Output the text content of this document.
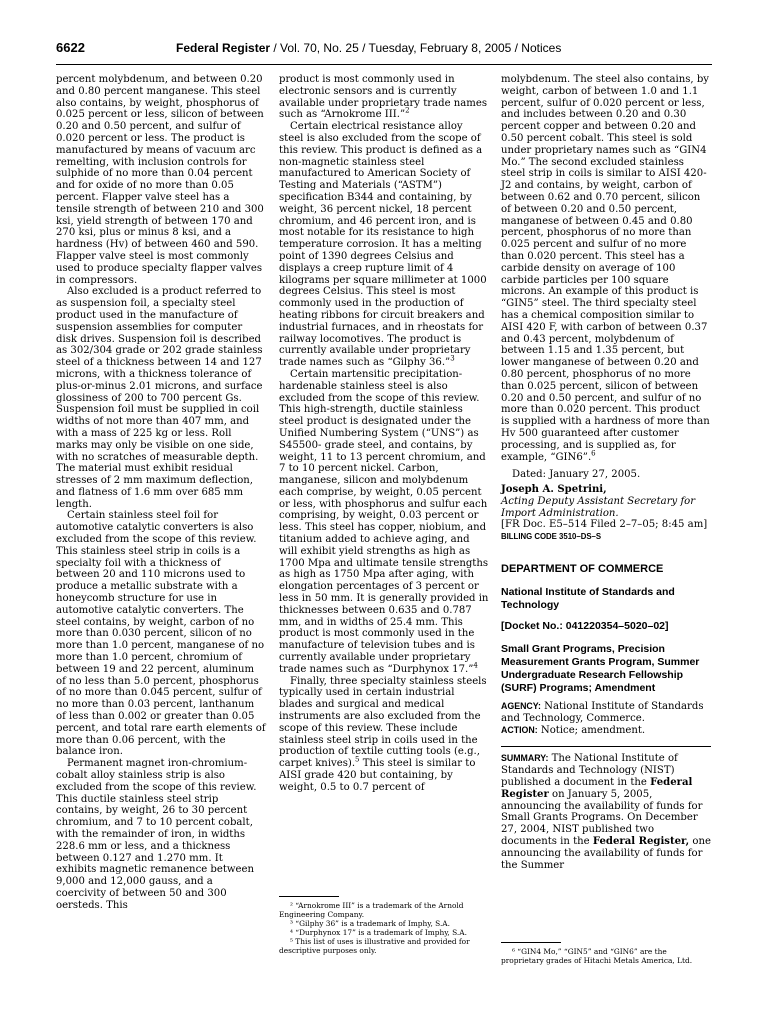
6622	Federal Register / Vol. 70, No. 25 / Tuesday, February 8, 2005 / Notices

percent molybdenum, and between 0.20 and 0.80 percent manganese. This steel also contains, by weight, phosphorus of 0.025 percent or less, silicon of between 0.20 and 0.50 percent, and sulfur of 0.020 percent or less. The product is manufactured by means of vacuum arc remelting, with inclusion controls for sulphide of no more than 0.04 percent and for oxide of no more than 0.05 percent. Flapper valve steel has a tensile strength of between 210 and 300 ksi, yield strength of between 170 and 270 ksi, plus or minus 8 ksi, and a hardness (Hv) of between 460 and 590. Flapper valve steel is most commonly used to produce specialty flapper valves in compressors.

Also excluded is a product referred to as suspension foil, a specialty steel product used in the manufacture of suspension assemblies for computer disk drives. Suspension foil is described as 302/304 grade or 202 grade stainless steel of a thickness between 14 and 127 microns, with a thickness tolerance of plus-or-minus 2.01 microns, and surface glossiness of 200 to 700 percent Gs. Suspension foil must be supplied in coil widths of not more than 407 mm, and with a mass of 225 kg or less. Roll marks may only be visible on one side, with no scratches of measurable depth. The material must exhibit residual stresses of 2 mm maximum deflection, and flatness of 1.6 mm over 685 mm length.

Certain stainless steel foil for automotive catalytic converters is also excluded from the scope of this review. This stainless steel strip in coils is a specialty foil with a thickness of between 20 and 110 microns used to produce a metallic substrate with a honeycomb structure for use in automotive catalytic converters. The steel contains, by weight, carbon of no more than 0.030 percent, silicon of no more than 1.0 percent, manganese of no more than 1.0 percent, chromium of between 19 and 22 percent, aluminum of no less than 5.0 percent, phosphorus of no more than 0.045 percent, sulfur of no more than 0.03 percent, lanthanum of less than 0.002 or greater than 0.05 percent, and total rare earth elements of more than 0.06 percent, with the balance iron.

Permanent magnet iron-chromium-cobalt alloy stainless strip is also excluded from the scope of this review. This ductile stainless steel strip contains, by weight, 26 to 30 percent chromium, and 7 to 10 percent cobalt, with the remainder of iron, in widths 228.6 mm or less, and a thickness between 0.127 and 1.270 mm. It exhibits magnetic remanence between 9,000 and 12,000 gauss, and a coercivity of between 50 and 300 oersteds. This

product is most commonly used in electronic sensors and is currently available under proprietary trade names such as “Arnokrome III.”$^2$

Certain electrical resistance alloy steel is also excluded from the scope of this review. This product is defined as a non-magnetic stainless steel manufactured to American Society of Testing and Materials (“ASTM”) specification B344 and containing, by weight, 36 percent nickel, 18 percent chromium, and 46 percent iron, and is most notable for its resistance to high temperature corrosion. It has a melting point of 1390 degrees Celsius and displays a creep rupture limit of 4 kilograms per square millimeter at 1000 degrees Celsius. This steel is most commonly used in the production of heating ribbons for circuit breakers and industrial furnaces, and in rheostats for railway locomotives. The product is currently available under proprietary trade names such as “Gilphy 36.”$^3$

Certain martensitic precipitation-hardenable stainless steel is also excluded from the scope of this review. This high-strength, ductile stainless steel product is designated under the Unified Numbering System (“UNS”) as S45500- grade steel, and contains, by weight, 11 to 13 percent chromium, and 7 to 10 percent nickel. Carbon, manganese, silicon and molybdenum each comprise, by weight, 0.05 percent or less, with phosphorus and sulfur each comprising, by weight, 0.03 percent or less. This steel has copper, niobium, and titanium added to achieve aging, and will exhibit yield strengths as high as 1700 Mpa and ultimate tensile strengths as high as 1750 Mpa after aging, with elongation percentages of 3 percent or less in 50 mm. It is generally provided in thicknesses between 0.635 and 0.787 mm, and in widths of 25.4 mm. This product is most commonly used in the manufacture of television tubes and is currently available under proprietary trade names such as “Durphynox 17.”$^4$

Finally, three specialty stainless steels typically used in certain industrial blades and surgical and medical instruments are also excluded from the scope of this review. These include stainless steel strip in coils used in the production of textile cutting tools (e.g., carpet knives).$^5$ This steel is similar to AISI grade 420 but containing, by weight, 0.5 to 0.7 percent of

² “Arnokrome III” is a trademark of the Arnold Engineering Company.

³ “Gilphy 36” is a trademark of Imphy, S.A.

⁴ “Durphynox 17” is a trademark of Imphy, S.A.

⁵ This list of uses is illustrative and provided for descriptive purposes only.

molybdenum. The steel also contains, by weight, carbon of between 1.0 and 1.1 percent, sulfur of 0.020 percent or less, and includes between 0.20 and 0.30 percent copper and between 0.20 and 0.50 percent cobalt. This steel is sold under proprietary names such as “GIN4 Mo.” The second excluded stainless steel strip in coils is similar to AISI 420-J2 and contains, by weight, carbon of between 0.62 and 0.70 percent, silicon of between 0.20 and 0.50 percent, manganese of between 0.45 and 0.80 percent, phosphorus of no more than 0.025 percent and sulfur of no more than 0.020 percent. This steel has a carbide density on average of 100 carbide particles per 100 square microns. An example of this product is “GIN5” steel. The third specialty steel has a chemical composition similar to AISI 420 F, with carbon of between 0.37 and 0.43 percent, molybdenum of between 1.15 and 1.35 percent, but lower manganese of between 0.20 and 0.80 percent, phosphorus of no more than 0.025 percent, silicon of between 0.20 and 0.50 percent, and sulfur of no more than 0.020 percent. This product is supplied with a hardness of more than Hv 500 guaranteed after customer processing, and is supplied as, for example, “GIN6”.$^6$

Dated: January 27, 2005.

Joseph A. Spetrini,

Acting Deputy Assistant Secretary for Import Administration.

[FR Doc. E5–514 Filed 2–7–05; 8:45 am]

BILLING CODE 3510–DS–S

DEPARTMENT OF COMMERCE

National Institute of Standards and Technology

[Docket No.: 041220354–5020–02]

Small Grant Programs, Precision Measurement Grants Program, Summer Undergraduate Research Fellowship (SURF) Programs; Amendment

AGENCY: National Institute of Standards and Technology, Commerce.

ACTION: Notice; amendment.

SUMMARY: The National Institute of Standards and Technology (NIST) published a document in the Federal Register on January 5, 2005, announcing the availability of funds for Small Grants Programs. On December 27, 2004, NIST published two documents in the Federal Register, one announcing the availability of funds for the Summer

⁶ “GIN4 Mo,” “GIN5” and “GIN6” are the proprietary grades of Hitachi Metals America, Ltd.
